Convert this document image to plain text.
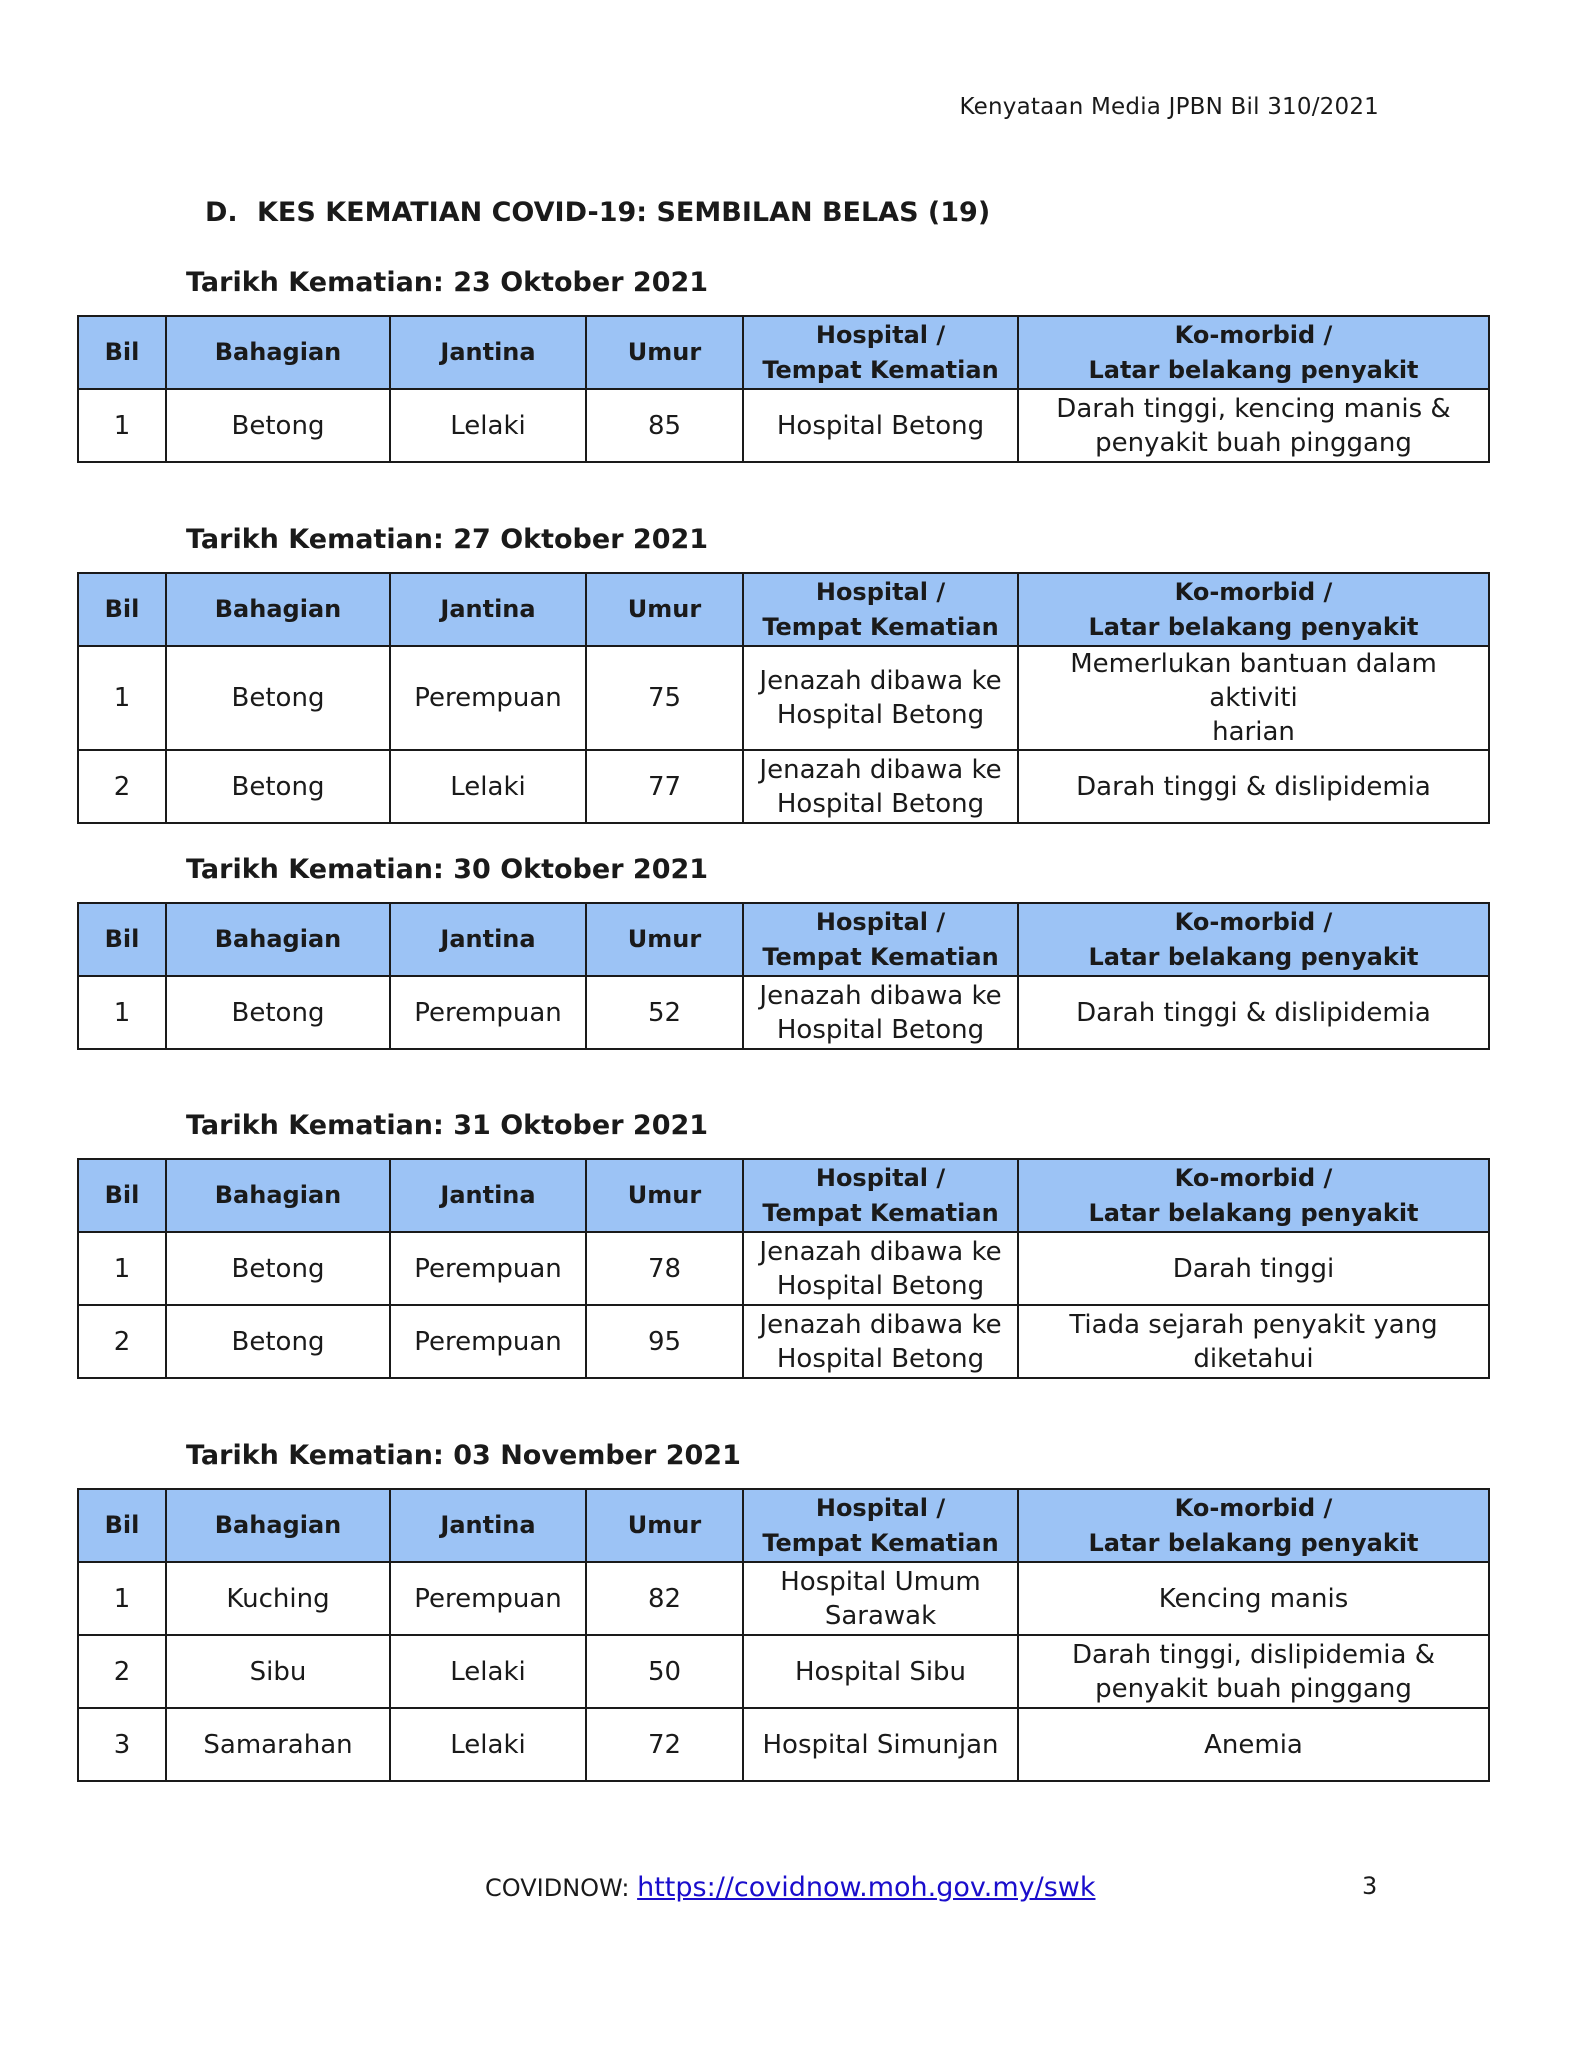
Kenyataan Media JPBN Bil 310/2021
D. KES KEMATIAN COVID-19: SEMBILAN BELAS (19)
COVIDNOW: https://covidnow.moh.gov.my/swk	3
Tarikh Kematian: 23 Oktober 2021
Bil	Bahagian	Jantina	Umur	Hospital /
Tempat Kematian	Ko-morbid /
Latar belakang penyakit
1	Betong	Lelaki	85	Hospital Betong	Darah tinggi, kencing manis &
penyakit buah pinggang
Tarikh Kematian: 27 Oktober 2021
Bil	Bahagian	Jantina	Umur	Hospital /
Tempat Kematian	Ko-morbid /
Latar belakang penyakit
1	Betong	Perempuan	75	Jenazah dibawa ke
Hospital Betong	Memerlukan bantuan dalam aktiviti
harian
2	Betong	Lelaki	77	Jenazah dibawa ke
Hospital Betong	Darah tinggi & dislipidemia
Tarikh Kematian: 30 Oktober 2021
Bil	Bahagian	Jantina	Umur	Hospital /
Tempat Kematian	Ko-morbid /
Latar belakang penyakit
1	Betong	Perempuan	52	Jenazah dibawa ke
Hospital Betong	Darah tinggi & dislipidemia
Tarikh Kematian: 31 Oktober 2021
Bil	Bahagian	Jantina	Umur	Hospital /
Tempat Kematian	Ko-morbid /
Latar belakang penyakit
1	Betong	Perempuan	78	Jenazah dibawa ke
Hospital Betong	Darah tinggi
2	Betong	Perempuan	95	Jenazah dibawa ke
Hospital Betong	Tiada sejarah penyakit yang
diketahui
Tarikh Kematian: 03 November 2021
Bil	Bahagian	Jantina	Umur	Hospital /
Tempat Kematian	Ko-morbid /
Latar belakang penyakit
1	Kuching	Perempuan	82	Hospital Umum
Sarawak	Kencing manis
2	Sibu	Lelaki	50	Hospital Sibu	Darah tinggi, dislipidemia &
penyakit buah pinggang
3	Samarahan	Lelaki	72	Hospital Simunjan	Anemia
